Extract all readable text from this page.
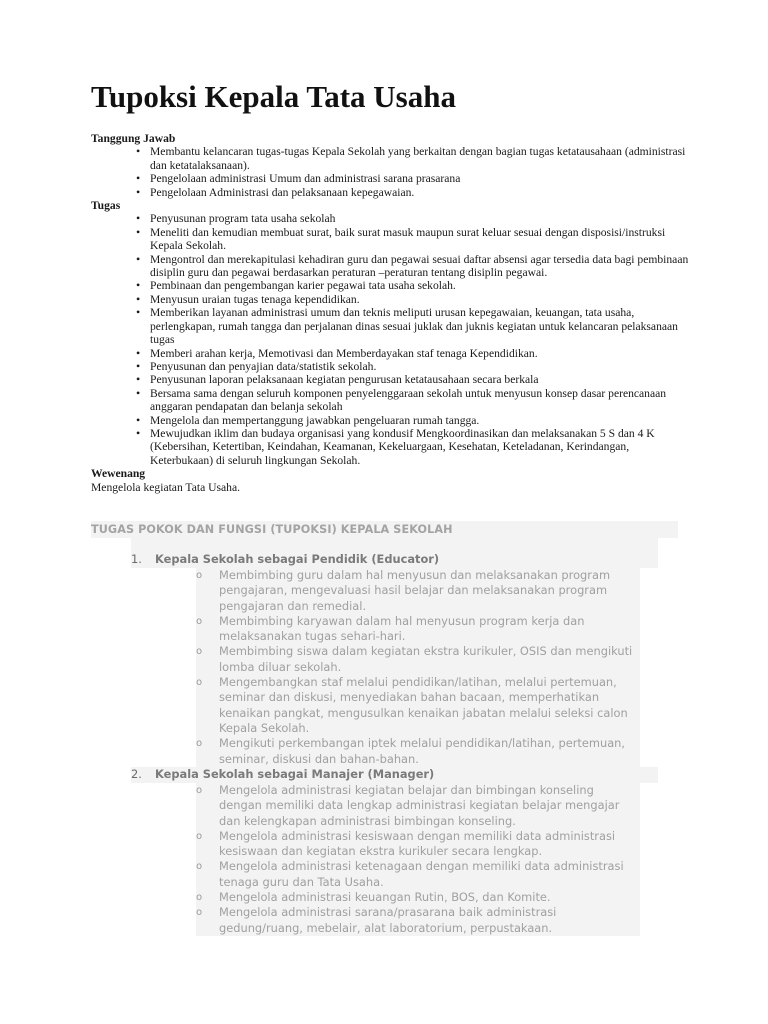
Tupoksi Kepala Tata Usaha

Tanggung Jawab

• Membantu kelancaran tugas-tugas Kepala Sekolah yang berkaitan dengan bagian tugas ketatausahaan (administrasi dan ketatalaksanaan).
• Pengelolaan administrasi Umum dan administrasi sarana prasarana
• Pengelolaan Administrasi dan pelaksanaan kepegawaian.

Tugas

• Penyusunan program tata usaha sekolah
• Meneliti dan kemudian membuat surat, baik surat masuk maupun surat keluar sesuai dengan disposisi/instruksi Kepala Sekolah.
• Mengontrol dan merekapitulasi kehadiran guru dan pegawai sesuai daftar absensi agar tersedia data bagi pembinaan disiplin guru dan pegawai berdasarkan peraturan –peraturan tentang disiplin pegawai.
• Pembinaan dan pengembangan karier pegawai tata usaha sekolah.
• Menyusun uraian tugas tenaga kependidikan.
• Memberikan layanan administrasi umum dan teknis meliputi urusan kepegawaian, keuangan, tata usaha, perlengkapan, rumah tangga dan perjalanan dinas sesuai juklak dan juknis kegiatan untuk kelancaran pelaksanaan tugas
• Memberi arahan kerja, Memotivasi dan Memberdayakan staf tenaga Kependidikan.
• Penyusunan dan penyajian data/statistik sekolah.
• Penyusunan laporan pelaksanaan kegiatan pengurusan ketatausahaan secara berkala
• Bersama sama dengan seluruh komponen penyelenggaraan sekolah untuk menyusun konsep dasar perencanaan anggaran pendapatan dan belanja sekolah
• Mengelola dan mempertanggung jawabkan pengeluaran rumah tangga.
• Mewujudkan iklim dan budaya organisasi yang kondusif Mengkoordinasikan dan melaksanakan 5 S dan 4 K (Kebersihan, Ketertiban, Keindahan, Keamanan, Kekeluargaan, Kesehatan, Keteladanan, Kerindangan, Keterbukaan) di seluruh lingkungan Sekolah.

Wewenang

Mengelola kegiatan Tata Usaha.

TUGAS POKOK DAN FUNGSI (TUPOKSI) KEPALA SEKOLAH

1. Kepala Sekolah sebagai Pendidik (Educator)
o Membimbing guru dalam hal menyusun dan melaksanakan program pengajaran, mengevaluasi hasil belajar dan melaksanakan program pengajaran dan remedial.
o Membimbing karyawan dalam hal menyusun program kerja dan melaksanakan tugas sehari-hari.
o Membimbing siswa dalam kegiatan ekstra kurikuler, OSIS dan mengikuti lomba diluar sekolah.
o Mengembangkan staf melalui pendidikan/latihan, melalui pertemuan, seminar dan diskusi, menyediakan bahan bacaan, memperhatikan kenaikan pangkat, mengusulkan kenaikan jabatan melalui seleksi calon Kepala Sekolah.
o Mengikuti perkembangan iptek melalui pendidikan/latihan, pertemuan, seminar, diskusi dan bahan-bahan.
2. Kepala Sekolah sebagai Manajer (Manager)
o Mengelola administrasi kegiatan belajar dan bimbingan konseling dengan memiliki data lengkap administrasi kegiatan belajar mengajar dan kelengkapan administrasi bimbingan konseling.
o Mengelola administrasi kesiswaan dengan memiliki data administrasi kesiswaan dan kegiatan ekstra kurikuler secara lengkap.
o Mengelola administrasi ketenagaan dengan memiliki data administrasi tenaga guru dan Tata Usaha.
o Mengelola administrasi keuangan Rutin, BOS, dan Komite.
o Mengelola administrasi sarana/prasarana baik administrasi gedung/ruang, mebelair, alat laboratorium, perpustakaan.
